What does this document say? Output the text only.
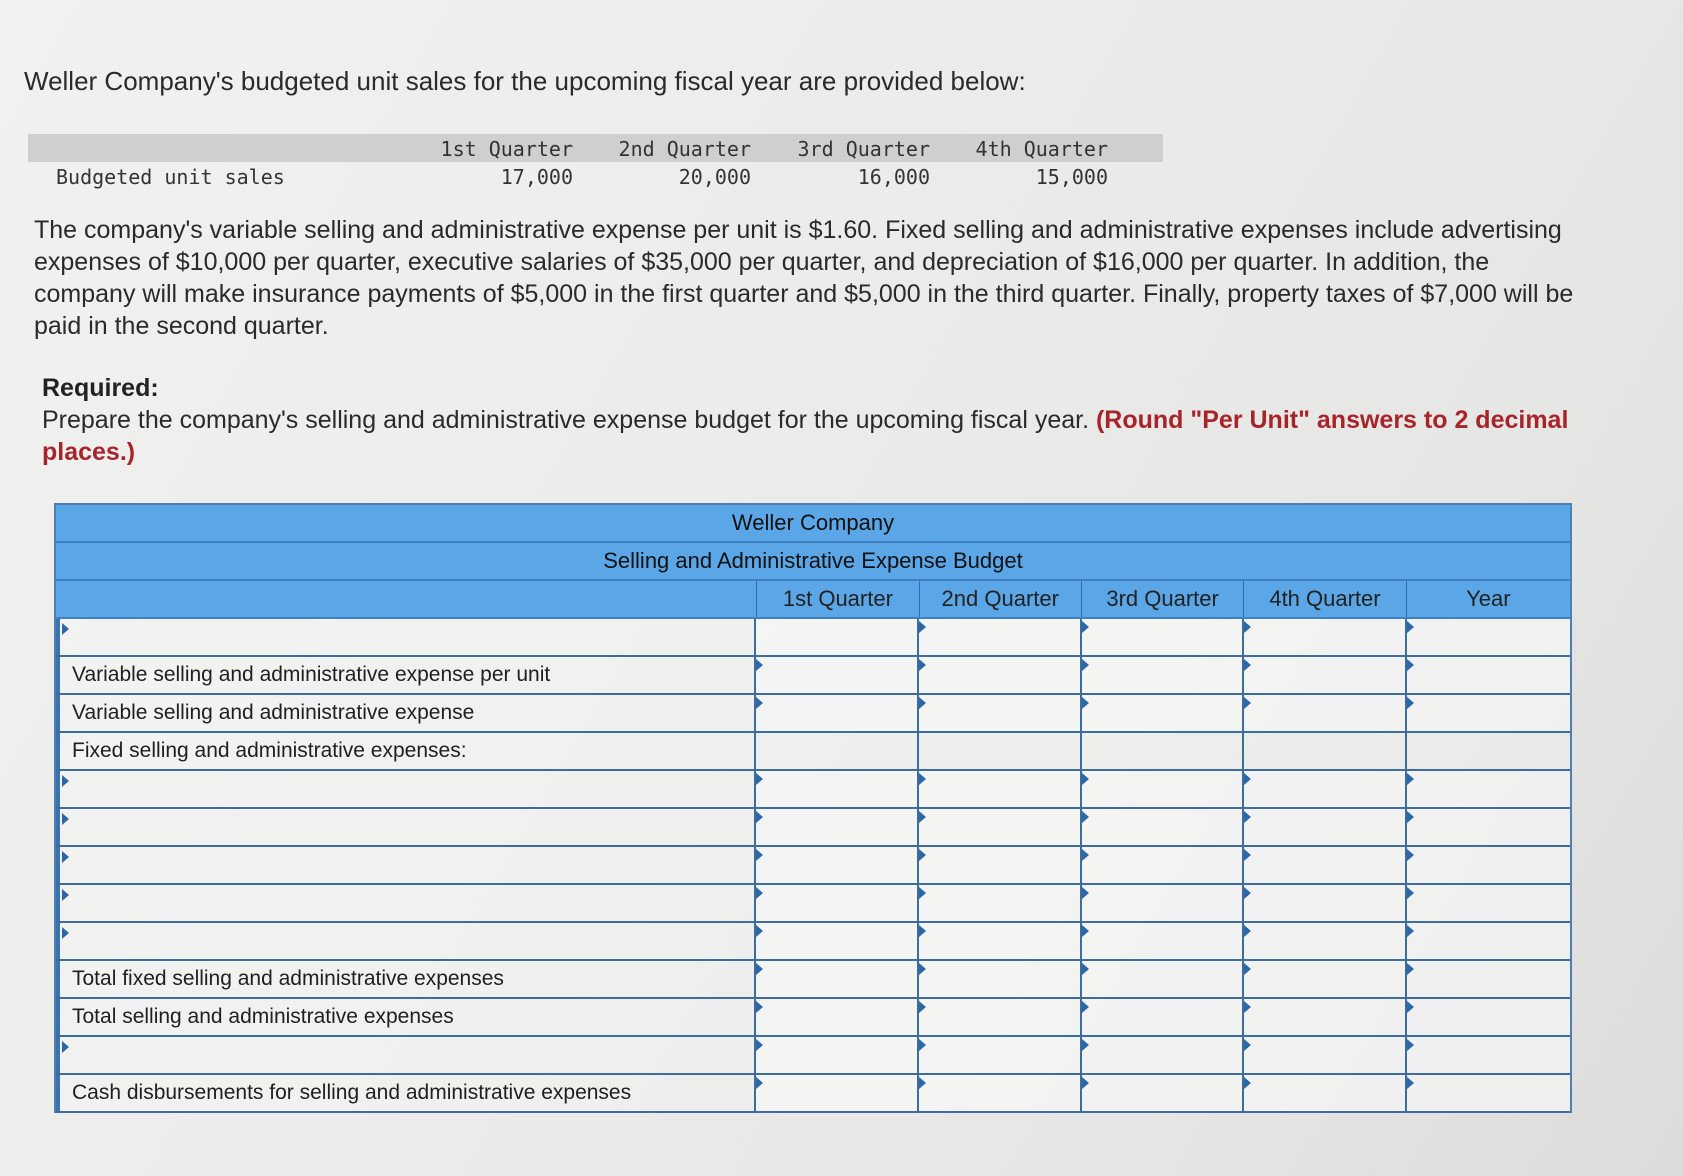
Weller Company's budgeted unit sales for the upcoming fiscal year are provided below:
1st Quarter	2nd Quarter	3rd Quarter	4th Quarter
Budgeted unit sales	17,000	20,000	16,000	15,000
The company's variable selling and administrative expense per unit is $1.60. Fixed selling and administrative expenses include advertising expenses of $10,000 per quarter, executive salaries of $35,000 per quarter, and depreciation of $16,000 per quarter. In addition, the company will make insurance payments of $5,000 in the first quarter and $5,000 in the third quarter. Finally, property taxes of $7,000 will be paid in the second quarter.
Required:
Prepare the company's selling and administrative expense budget for the upcoming fiscal year. (Round "Per Unit" answers to 2 decimal places.)
Weller Company
Selling and Administrative Expense Budget
1st Quarter	2nd Quarter	3rd Quarter	4th Quarter	Year
Variable selling and administrative expense per unit
Variable selling and administrative expense
Fixed selling and administrative expenses:
Total fixed selling and administrative expenses
Total selling and administrative expenses
Cash disbursements for selling and administrative expenses
